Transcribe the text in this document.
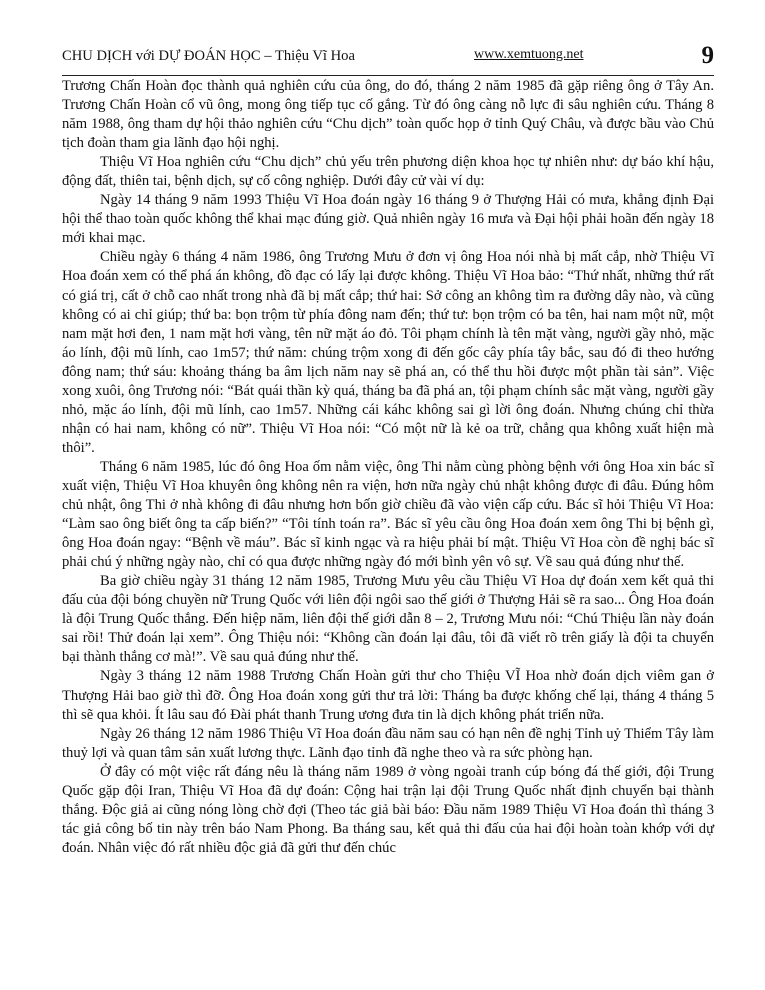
CHU DỊCH với DỰ ĐOÁN HỌC – Thiệu Vĩ Hoa	www.xemtuong.net	9

Trương Chấn Hoàn đọc thành quả nghiên cứu của ông, do đó, tháng 2 năm 1985 đã gặp riêng ông ở Tây An. Trương Chấn Hoàn cổ vũ ông, mong ông tiếp tục cố gắng. Từ đó ông càng nỗ lực đi sâu nghiên cứu. Tháng 8 năm 1988, ông tham dự hội thảo nghiên cứu “Chu dịch” toàn quốc họp ở tỉnh Quý Châu, và được bầu vào Chủ tịch đoàn tham gia lãnh đạo hội nghị.

Thiệu Vĩ Hoa nghiên cứu “Chu dịch” chủ yếu trên phương diện khoa học tự nhiên như: dự báo khí hậu, động đất, thiên tai, bệnh dịch, sự cố công nghiệp. Dưới đây cử vài ví dụ:

Ngày 14 tháng 9 năm 1993 Thiệu Vĩ Hoa đoán ngày 16 tháng 9 ở Thượng Hải có mưa, khẳng định Đại hội thể thao toàn quốc không thể khai mạc đúng giờ. Quả nhiên ngày 16 mưa và Đại hội phải hoãn đến ngày 18 mới khai mạc.

Chiều ngày 6 tháng 4 năm 1986, ông Trương Mưu ở đơn vị ông Hoa nói nhà bị mất cắp, nhờ Thiệu Vĩ Hoa đoán xem có thể phá án không, đồ đạc có lấy lại được không. Thiệu Vĩ Hoa bảo: “Thứ nhất, những thứ rất có giá trị, cất ở chỗ cao nhất trong nhà đã bị mất cắp; thứ hai: Sở công an không tìm ra đường dây nào, và cũng không có ai chỉ giúp; thứ ba: bọn trộm từ phía đông nam đến; thứ tư: bọn trộm có ba tên, hai nam một nữ, một nam mặt hơi đen, 1 nam mặt hơi vàng, tên nữ mặt áo đỏ. Tôi phạm chính là tên mặt vàng, người gầy nhỏ, mặc áo lính, đội mũ lính, cao 1m57; thứ năm: chúng trộm xong đi đến gốc cây phía tây bắc, sau đó đi theo hướng đông nam; thứ sáu: khoảng tháng ba âm lịch năm nay sẽ phá an, có thể thu hồi được một phần tài sản”. Việc xong xuôi, ông Trương nói: “Bát quái thần kỳ quá, tháng ba đã phá an, tội phạm chính sắc mặt vàng, người gầy nhỏ, mặc áo lính, đội mũ lính, cao 1m57. Những cái káhc không sai gì lời ông đoán. Nhưng chúng chỉ thừa nhận có hai nam, không có nữ”. Thiệu Vĩ Hoa nói: “Có một nữ là kẻ oa trữ, chẳng qua không xuất hiện mà thôi”.

Tháng 6 năm 1985, lúc đó ông Hoa ốm nằm việc, ông Thi nằm cùng phòng bệnh với ông Hoa xin bác sĩ xuất viện, Thiệu Vĩ Hoa khuyên ông không nên ra viện, hơn nữa ngày chủ nhật không được đi đâu. Đúng hôm chủ nhật, ông Thi ở nhà không đi đâu nhưng hơn bốn giờ chiều đã vào viện cấp cứu. Bác sĩ hỏi Thiệu Vĩ Hoa: “Làm sao ông biết ông ta cấp biến?” “Tôi tính toán ra”. Bác sĩ yêu cầu ông Hoa đoán xem ông Thi bị bệnh gì, ông Hoa đoán ngay: “Bệnh về máu”. Bác sĩ kinh ngạc và ra hiệu phải bí mật. Thiệu Vĩ Hoa còn đề nghị bác sĩ phải chú ý những ngày nào, chỉ có qua được những ngày đó mới bình yên vô sự. Về sau quả đúng như thế.

Ba giờ chiều ngày 31 tháng 12 năm 1985, Trương Mưu yêu cầu Thiệu Vĩ Hoa dự đoán xem kết quả thi đấu của đội bóng chuyền nữ Trung Quốc với liên đội ngôi sao thế giới ở Thượng Hải sẽ ra sao... Ông Hoa đoán là đội Trung Quốc thắng. Đến hiệp năm, liên đội thế giới dẫn 8 – 2, Trương Mưu nói: “Chú Thiệu lần này đoán sai rồi! Thử đoán lại xem”. Ông Thiệu nói: “Không cần đoán lại đâu, tôi đã viết rõ trên giấy là đội ta chuyển bại thành thắng cơ mà!”. Về sau quả đúng như thế.

Ngày 3 tháng 12 năm 1988 Trương Chấn Hoàn gửi thư cho Thiệu VĨ Hoa nhờ đoán dịch viêm gan ở Thượng Hải bao giờ thì đỡ. Ông Hoa đoán xong gửi thư trả lời: Tháng ba được khống chế lại, tháng 4 tháng 5 thì sẽ qua khỏi. Ít lâu sau đó Đài phát thanh Trung ương đưa tin là dịch không phát triển nữa.

Ngày 26 tháng 12 năm 1986 Thiệu Vĩ Hoa đoán đầu năm sau có hạn nên đề nghị Tỉnh uỷ Thiểm Tây làm thuỷ lợi và quan tâm sản xuất lương thực. Lãnh đạo tỉnh đã nghe theo và ra sức phòng hạn.

Ở đây có một việc rất đáng nêu là tháng năm 1989 ở vòng ngoài tranh cúp bóng đá thế giới, đội Trung Quốc gặp đội Iran, Thiệu Vĩ Hoa đã dự đoán: Cộng hai trận lại đội Trung Quốc nhất định chuyển bại thành thắng. Độc giả ai cũng nóng lòng chờ đợi (Theo tác giả bài báo: Đầu năm 1989 Thiệu Vĩ Hoa đoán thì tháng 3 tác giả công bố tin này trên báo Nam Phong. Ba tháng sau, kết quả thi đấu của hai đội hoàn toàn khớp với dự đoán. Nhân việc đó rất nhiều độc giả đã gửi thư đến chúc
